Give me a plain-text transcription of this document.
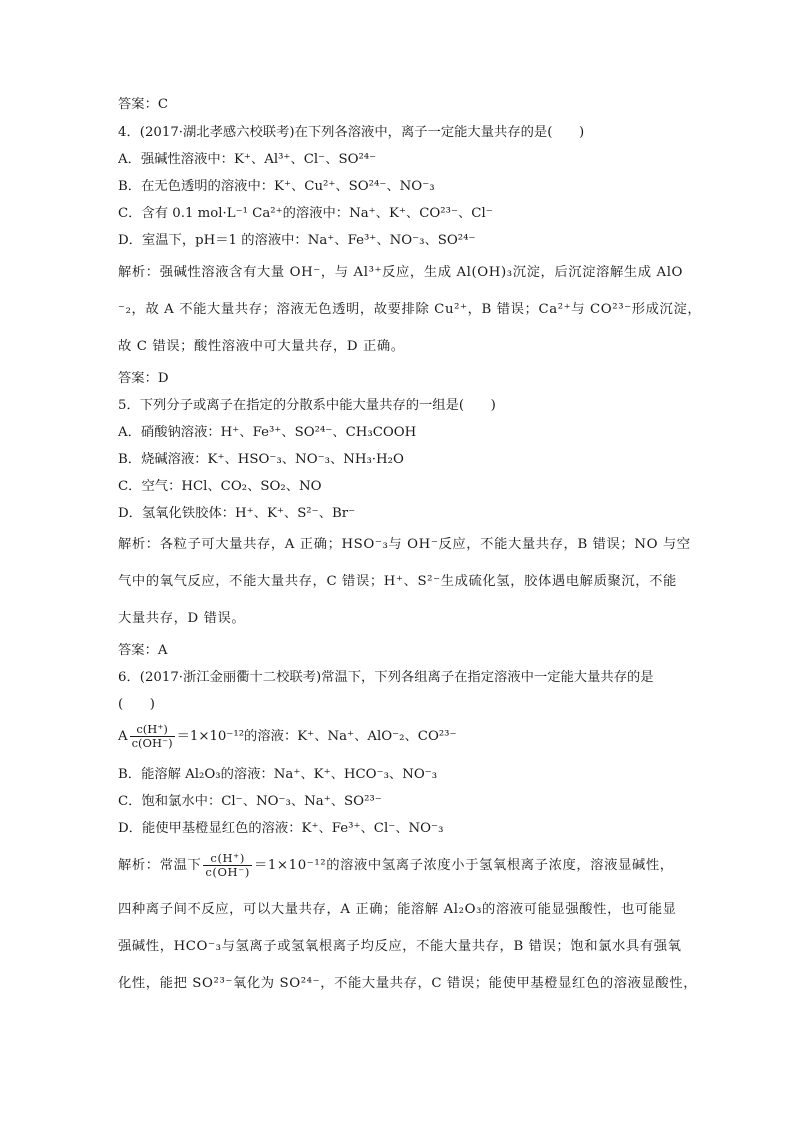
答案：C
4．(2017·湖北孝感六校联考)在下列各溶液中，离子一定能大量共存的是(　　)
A．强碱性溶液中：K⁺、Al³⁺、Cl⁻、SO²⁴⁻
B．在无色透明的溶液中：K⁺、Cu²⁺、SO²⁴⁻、NO⁻₃
C．含有 0.1 mol·L⁻¹ Ca²⁺的溶液中：Na⁺、K⁺、CO²³⁻、Cl⁻
D．室温下，pH＝1 的溶液中：Na⁺、Fe³⁺、NO⁻₃、SO²⁴⁻
解析：强碱性溶液含有大量 OH⁻，与 Al³⁺反应，生成 Al(OH)₃沉淀，后沉淀溶解生成 AlO
⁻₂，故 A 不能大量共存；溶液无色透明，故要排除 Cu²⁺，B 错误；Ca²⁺与 CO²³⁻形成沉淀，
故 C 错误；酸性溶液中可大量共存，D 正确。
答案：D
5．下列分子或离子在指定的分散系中能大量共存的一组是(　　)
A．硝酸钠溶液：H⁺、Fe³⁺、SO²⁴⁻、CH₃COOH
B．烧碱溶液：K⁺、HSO⁻₃、NO⁻₃、NH₃·H₂O
C．空气：HCl、CO₂、SO₂、NO
D．氢氧化铁胶体：H⁺、K⁺、S²⁻、Br⁻
解析：各粒子可大量共存，A 正确；HSO⁻₃与 OH⁻反应，不能大量共存，B 错误；NO 与空
气中的氧气反应，不能大量共存，C 错误；H⁺、S²⁻生成硫化氢，胶体遇电解质聚沉，不能
大量共存，D 错误。
答案：A
6．(2017·浙江金丽衢十二校联考)常温下，下列各组离子在指定溶液中一定能大量共存的是
(　　)
B．能溶解 Al₂O₃的溶液：Na⁺、K⁺、HCO⁻₃、NO⁻₃
C．饱和氯水中：Cl⁻、NO⁻₃、Na⁺、SO²³⁻
D．能使甲基橙显红色的溶液：K⁺、Fe³⁺、Cl⁻、NO⁻₃
四种离子间不反应，可以大量共存，A 正确；能溶解 Al₂O₃的溶液可能显强酸性，也可能显
强碱性，HCO⁻₃与氢离子或氢氧根离子均反应，不能大量共存，B 错误；饱和氯水具有强氧
化性，能把 SO²³⁻氧化为 SO²⁴⁻，不能大量共存，C 错误；能使甲基橙显红色的溶液显酸性，
A $\frac{c(H^+)}{c(OH^-)} =1\times 10^{-12}$的溶液：K⁺、Na⁺、AlO⁻₂、CO²³⁻
解析：常温下 $\frac{c(H^+)}{c(OH^-)} =1\times 10^{-12}$的溶液中氢离子浓度小于氢氧根离子浓度，溶液显碱性，
